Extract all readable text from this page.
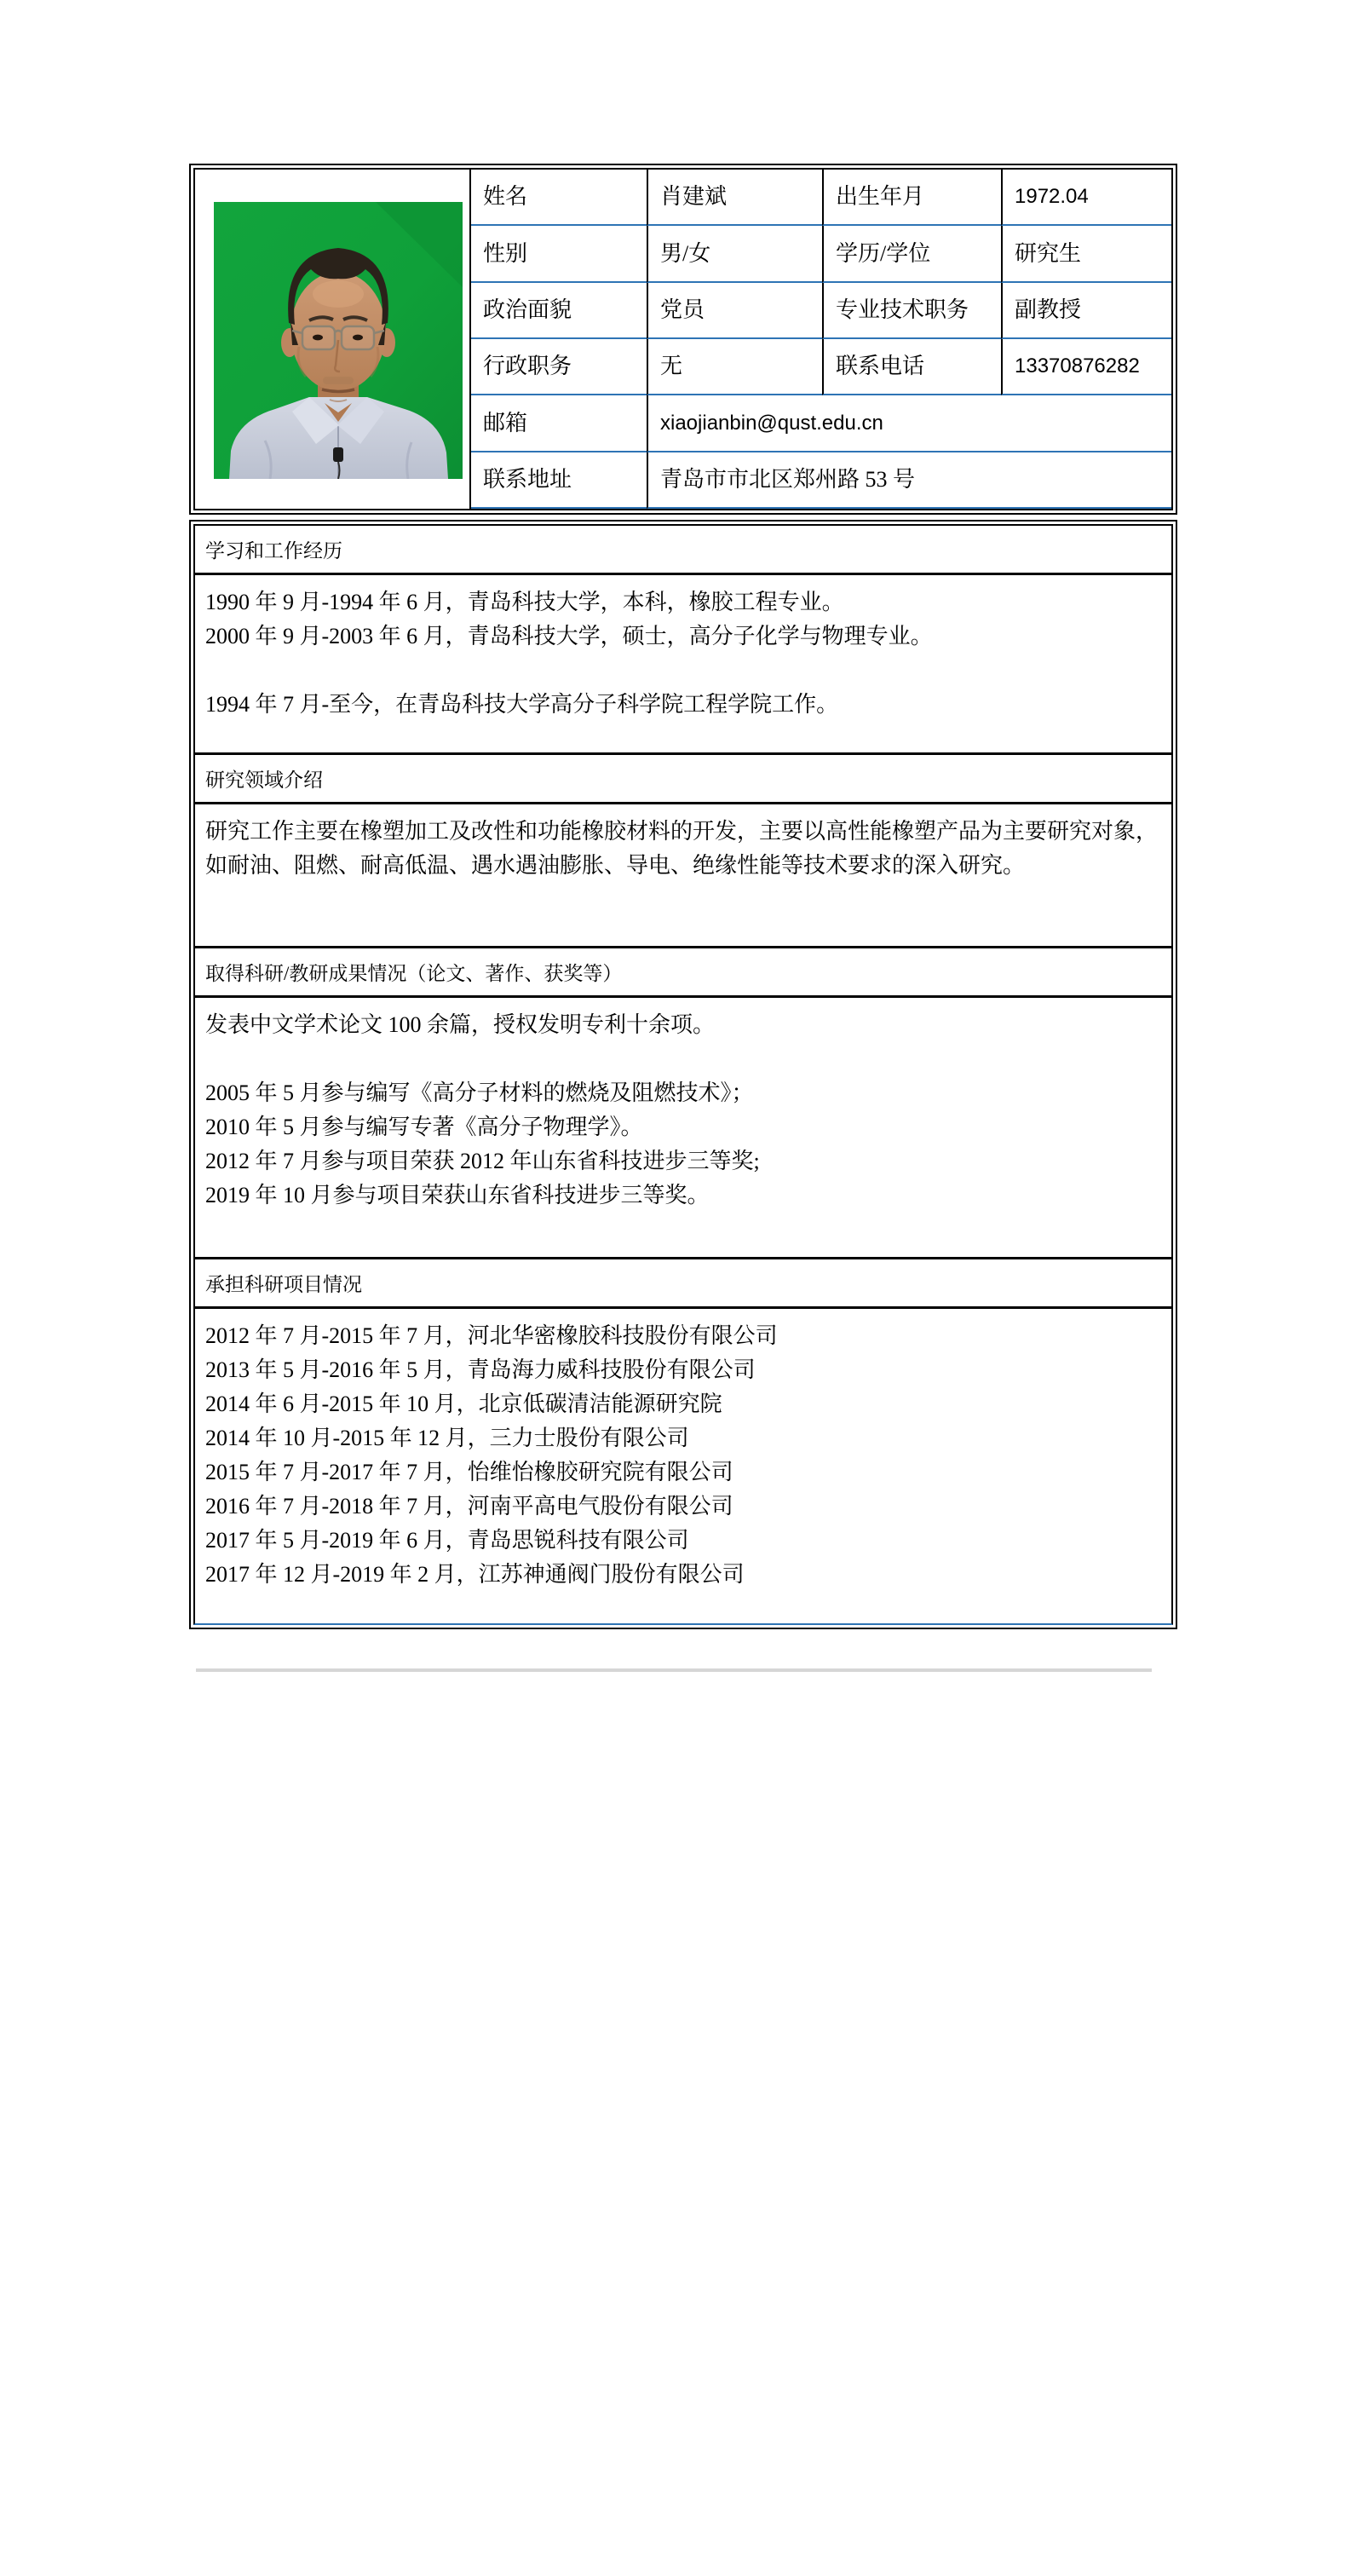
姓名	肖建斌	出生年月	1972.04
性别	男/女	学历/学位	研究生
政治面貌	党员	专业技术职务	副教授
行政职务	无	联系电话	13370876282
邮箱	xiaojianbin@qust.edu.cn
联系地址	青岛市市北区郑州路 53 号
学习和工作经历
1990 年 9 月-1994 年 6 月，青岛科技大学，本科，橡胶工程专业。
2000 年 9 月-2003 年 6 月，青岛科技大学，硕士，高分子化学与物理专业。
1994 年 7 月-至今，在青岛科技大学高分子科学院工程学院工作。
研究领域介绍
研究工作主要在橡塑加工及改性和功能橡胶材料的开发，主要以高性能橡塑产品为主要研究对象，如耐油、阻燃、耐高低温、遇水遇油膨胀、导电、绝缘性能等技术要求的深入研究。
取得科研/教研成果情况（论文、著作、获奖等）
发表中文学术论文 100 余篇，授权发明专利十余项。
2005 年 5 月参与编写《高分子材料的燃烧及阻燃技术》；
2010 年 5 月参与编写专著《高分子物理学》。
2012 年 7 月参与项目荣获 2012 年山东省科技进步三等奖;
2019 年 10 月参与项目荣获山东省科技进步三等奖。
承担科研项目情况
2012 年 7 月-2015 年 7 月，河北华密橡胶科技股份有限公司
2013 年 5 月-2016 年 5 月，青岛海力威科技股份有限公司
2014 年 6 月-2015 年 10 月，北京低碳清洁能源研究院
2014 年 10 月-2015 年 12 月，三力士股份有限公司
2015 年 7 月-2017 年 7 月，怡维怡橡胶研究院有限公司
2016 年 7 月-2018 年 7 月，河南平高电气股份有限公司
2017 年 5 月-2019 年 6 月，青岛思锐科技有限公司
2017 年 12 月-2019 年 2 月，江苏神通阀门股份有限公司
